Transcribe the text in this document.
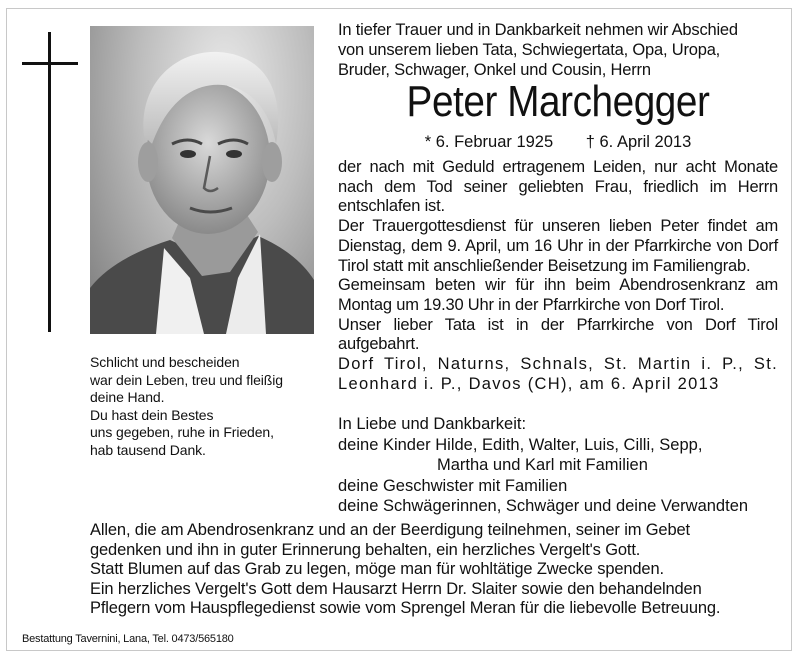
In tiefer Trauer und in Dankbarkeit nehmen wir Abschied
von unserem lieben Tata, Schwiegertata, Opa, Uropa,
Bruder, Schwager, Onkel und Cousin, Herrn
Peter Marchegger
* 6. Februar 1925 † 6. April 2013

der nach mit Geduld ertragenem Leiden, nur acht Monate nach dem Tod seiner geliebten Frau, friedlich im Herrn entschlafen ist.

Der Trauergottesdienst für unseren lieben Peter findet am Dienstag, dem 9. April, um 16 Uhr in der Pfarrkirche von Dorf Tirol statt mit anschließender Beisetzung im Familiengrab.

Gemeinsam beten wir für ihn beim Abendrosenkranz am Montag um 19.30 Uhr in der Pfarrkirche von Dorf Tirol.

Unser lieber Tata ist in der Pfarrkirche von Dorf Tirol aufgebahrt.

Dorf Tirol, Naturns, Schnals, St. Martin i. P., St. Leonhard i. P., Davos (CH), am 6. April 2013

In Liebe und Dankbarkeit:
deine Kinder Hilde, Edith, Walter, Luis, Cilli, Sepp,
Martha und Karl mit Familien
deine Geschwister mit Familien
deine Schwägerinnen, Schwäger und deine Verwandten
Schlicht und bescheiden
war dein Leben, treu und fleißig
deine Hand.
Du hast dein Bestes
uns gegeben, ruhe in Frieden,
hab tausend Dank.
Allen, die am Abendrosenkranz und an der Beerdigung teilnehmen, seiner im Gebet
gedenken und ihn in guter Erinnerung behalten, ein herzliches Vergelt's Gott.
Statt Blumen auf das Grab zu legen, möge man für wohltätige Zwecke spenden.
Ein herzliches Vergelt's Gott dem Hausarzt Herrn Dr. Slaiter sowie den behandelnden
Pflegern vom Hauspflegedienst sowie vom Sprengel Meran für die liebevolle Betreuung.
Bestattung Taverninі, Lana, Tel. 0473/565180
